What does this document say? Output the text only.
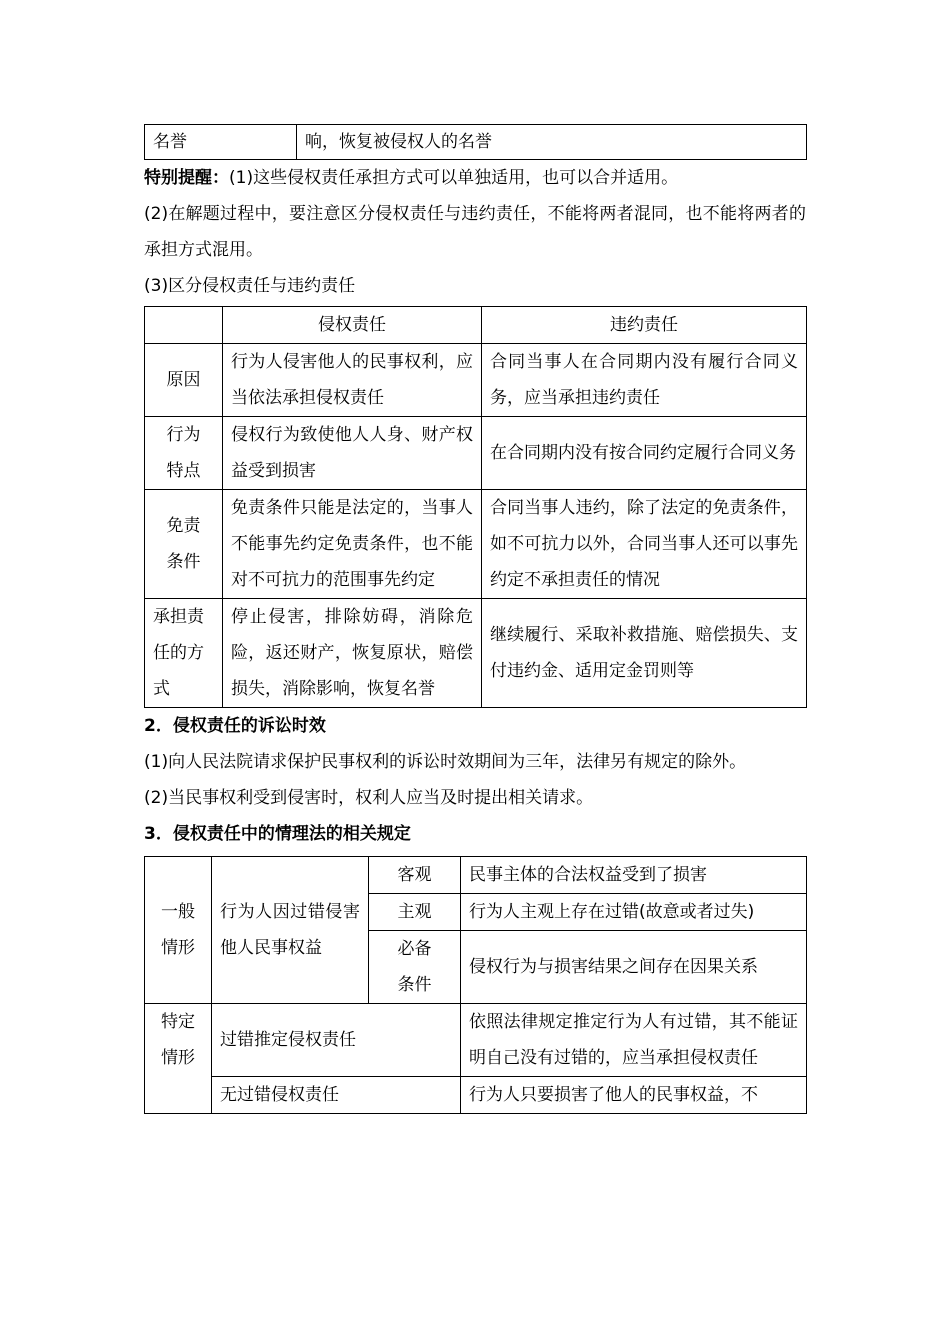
名誉	响，恢复被侵权人的名誉

特别提醒：(1)这些侵权责任承担方式可以单独适用，也可以合并适用。

(2)在解题过程中，要注意区分侵权责任与违约责任，不能将两者混同，也不能将两者的承担方式混用。

(3)区分侵权责任与违约责任

	侵权责任	违约责任
原因	行为人侵害他人的民事权利，应当依法承担侵权责任	合同当事人在合同期内没有履行合同义务，应当承担违约责任
行为特点	侵权行为致使他人人身、财产权益受到损害	在合同期内没有按合同约定履行合同义务
免责条件	免责条件只能是法定的，当事人不能事先约定免责条件，也不能对不可抗力的范围事先约定	合同当事人违约，除了法定的免责条件，如不可抗力以外，合同当事人还可以事先约定不承担责任的情况
承担责任的方式	停止侵害，排除妨碍，消除危险，返还财产，恢复原状，赔偿损失，消除影响，恢复名誉	继续履行、采取补救措施、赔偿损失、支付违约金、适用定金罚则等

2．侵权责任的诉讼时效

(1)向人民法院请求保护民事权利的诉讼时效期间为三年，法律另有规定的除外。

(2)当民事权利受到侵害时，权利人应当及时提出相关请求。

3．侵权责任中的情理法的相关规定

一般情形	行为人因过错侵害他人民事权益	客观	民事主体的合法权益受到了损害
		主观	行为人主观上存在过错(故意或者过失)
		必备条件	侵权行为与损害结果之间存在因果关系
特定情形	过错推定侵权责任		依照法律规定推定行为人有过错，其不能证明自己没有过错的，应当承担侵权责任
	无过错侵权责任		行为人只要损害了他人的民事权益，不
